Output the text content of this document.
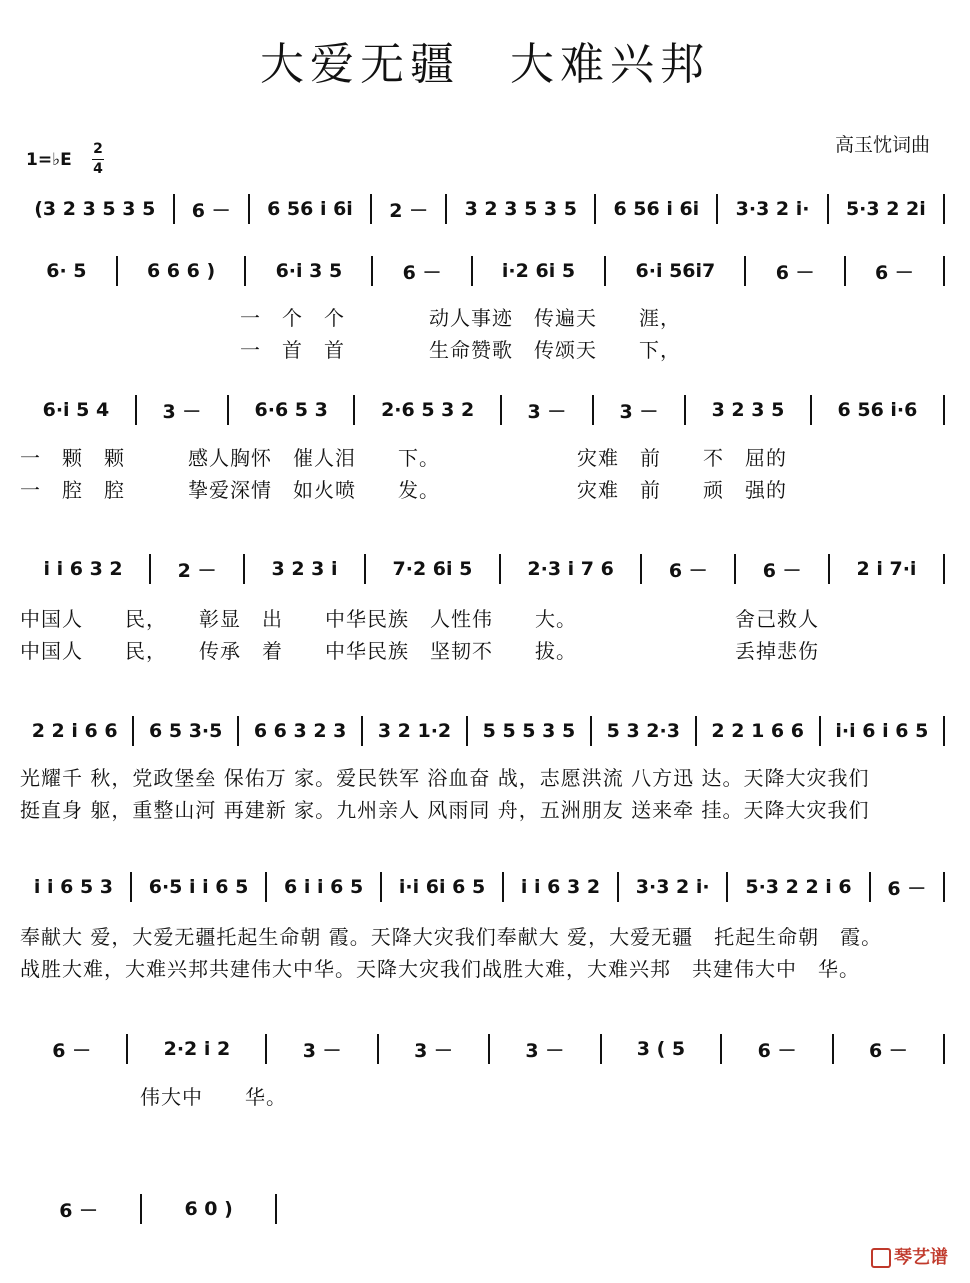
大爱无疆　大难兴邦
高玉忱词曲
1=♭E
2
4
(3 2 3 5 3 5	6 －	6 56 i 6i	2 －	3 2 3 5 3 5	6 56 i 6i	3·3 2 i·	5·3 2 2i
6· 5	6 6 6 )	6·i 3 5	6 －	i·2 6i 5	6·i 56i7	6 －	6 －
6·i 5 4	3 －	6·6 5 3	2·6 5 3 2	3 －	3 －	3 2 3 5	6 56 i·6
i i 6 3 2	2 －	3 2 3 i	7·2 6i 5	2·3 i 7 6	6 －	6 －	2 i 7·i
2 2 i 6 6	6 5 3·5	6 6 3 2 3	3 2 1·2	5 5 5 3 5	5 3 2·3	2 2 1 6 6	i·i 6 i 6 5
i i 6 5 3	6·5 i i 6 5	6 i i 6 5	i·i 6i 6 5	i i 6 3 2	3·3 2 i·	5·3 2 2 i 6	6 －
6 －	2·2 i 2	3 －	3 －	3 －	3 ( 5	6 －	6 －
6 －	6 0 )
一　个　个　　　　动人事迹　传遍天　　涯，
一　首　首　　　　生命赞歌　传颂天　　下，
一　颗　颗　　　感人胸怀　催人泪　　下。　　　　　　　灾难　前　　不　屈的
一　腔　腔　　　挚爱深情　如火喷　　发。　　　　　　　灾难　前　　顽　强的
中国人　　民，　　彰显　出　　中华民族　人性伟　　大。　　　　　　　　舍己救人
中国人　　民，　　传承　着　　中华民族　坚韧不　　拔。　　　　　　　　丢掉悲伤
光耀千 秋，党政堡垒 保佑万 家。爱民铁军 浴血奋 战，志愿洪流 八方迅 达。天降大灾我们
挺直身 躯，重整山河 再建新 家。九州亲人 风雨同 舟，五洲朋友 送来牵 挂。天降大灾我们
奉献大 爱，大爱无疆托起生命朝 霞。天降大灾我们奉献大 爱，大爱无疆　托起生命朝　霞。
战胜大难，大难兴邦共建伟大中华。天降大灾我们战胜大难，大难兴邦　共建伟大中　华。
伟大中　　华。
琴艺谱
